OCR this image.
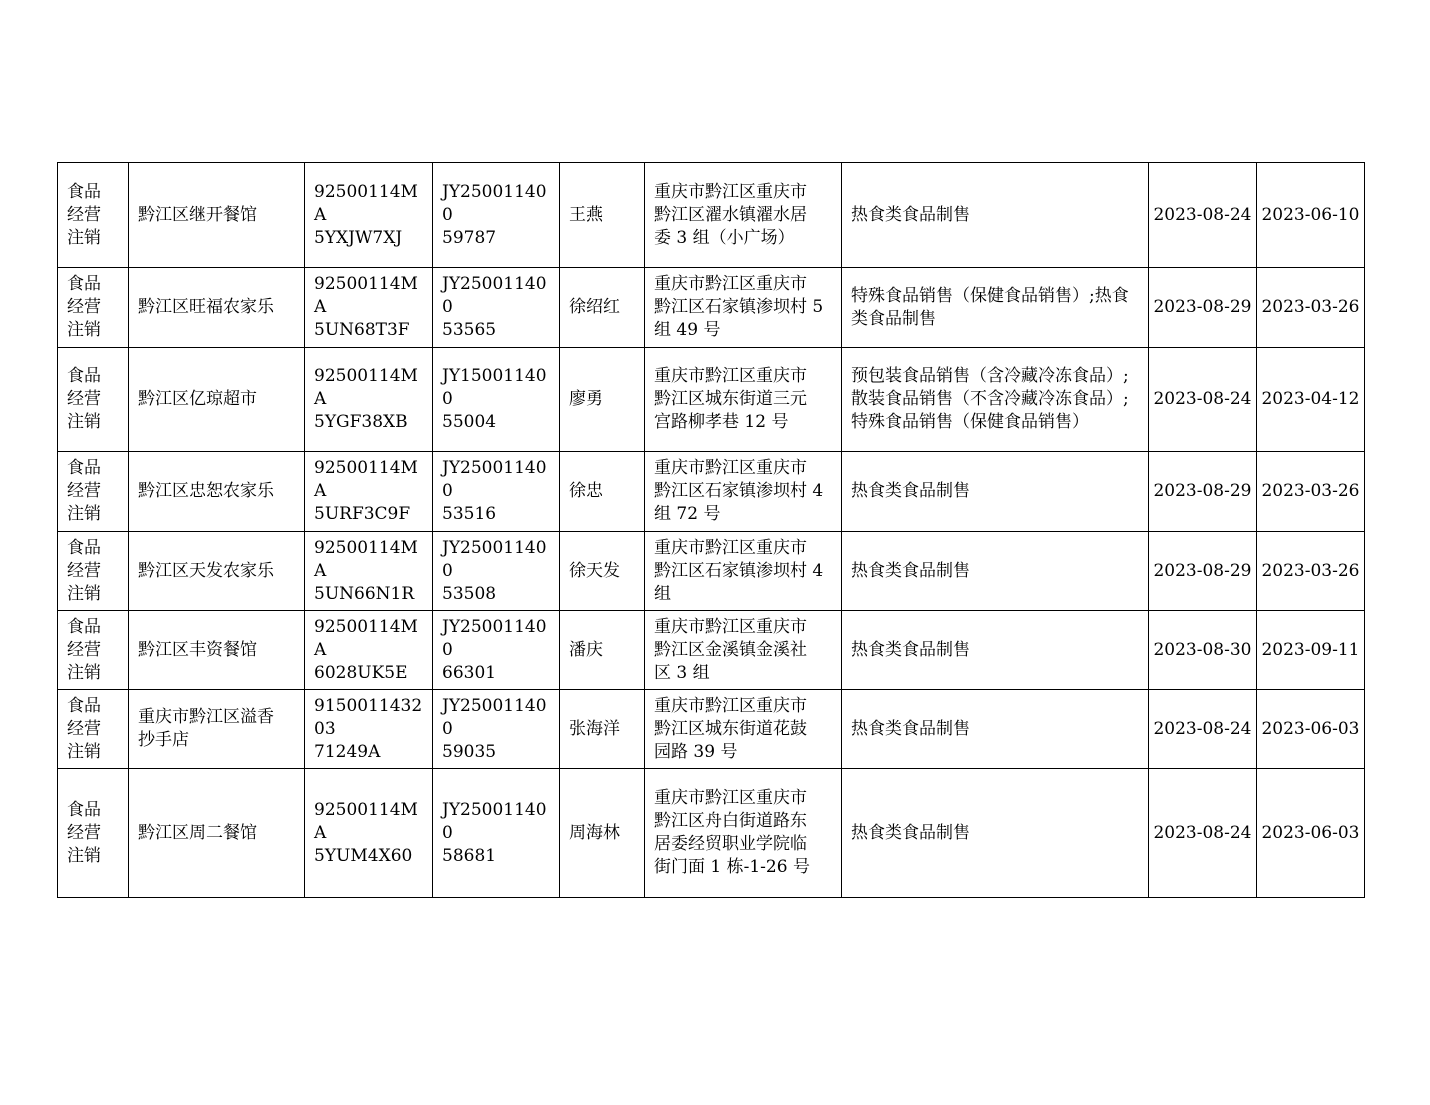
食品
经营
注销	黔江区继开餐馆	92500114MA
5YXJW7XJ	JY250011400
59787	王燕	重庆市黔江区重庆市
黔江区濯水镇濯水居
委 3 组（小广场）	热食类食品制售	2023-08-24	2023-06-10
食品
经营
注销	黔江区旺福农家乐	92500114MA
5UN68T3F	JY250011400
53565	徐绍红	重庆市黔江区重庆市
黔江区石家镇渗坝村 5
组 49 号	特殊食品销售（保健食品销售）;热食
类食品制售	2023-08-29	2023-03-26
食品
经营
注销	黔江区亿琼超市	92500114MA
5YGF38XB	JY150011400
55004	廖勇	重庆市黔江区重庆市
黔江区城东街道三元
宫路柳孝巷 12 号	预包装食品销售（含冷藏冷冻食品）;
散装食品销售（不含冷藏冷冻食品）;
特殊食品销售（保健食品销售）	2023-08-24	2023-04-12
食品
经营
注销	黔江区忠恕农家乐	92500114MA
5URF3C9F	JY250011400
53516	徐忠	重庆市黔江区重庆市
黔江区石家镇渗坝村 4
组 72 号	热食类食品制售	2023-08-29	2023-03-26
食品
经营
注销	黔江区天发农家乐	92500114MA
5UN66N1R	JY250011400
53508	徐天发	重庆市黔江区重庆市
黔江区石家镇渗坝村 4
组	热食类食品制售	2023-08-29	2023-03-26
食品
经营
注销	黔江区丰资餐馆	92500114MA
6028UK5E	JY250011400
66301	潘庆	重庆市黔江区重庆市
黔江区金溪镇金溪社
区 3 组	热食类食品制售	2023-08-30	2023-09-11
食品
经营
注销	重庆市黔江区溢香
抄手店	915001143203
71249A	JY250011400
59035	张海洋	重庆市黔江区重庆市
黔江区城东街道花鼓
园路 39 号	热食类食品制售	2023-08-24	2023-06-03
食品
经营
注销	黔江区周二餐馆	92500114MA
5YUM4X60	JY250011400
58681	周海林	重庆市黔江区重庆市
黔江区舟白街道路东
居委经贸职业学院临
街门面 1 栋-1-26 号	热食类食品制售	2023-08-24	2023-06-03
